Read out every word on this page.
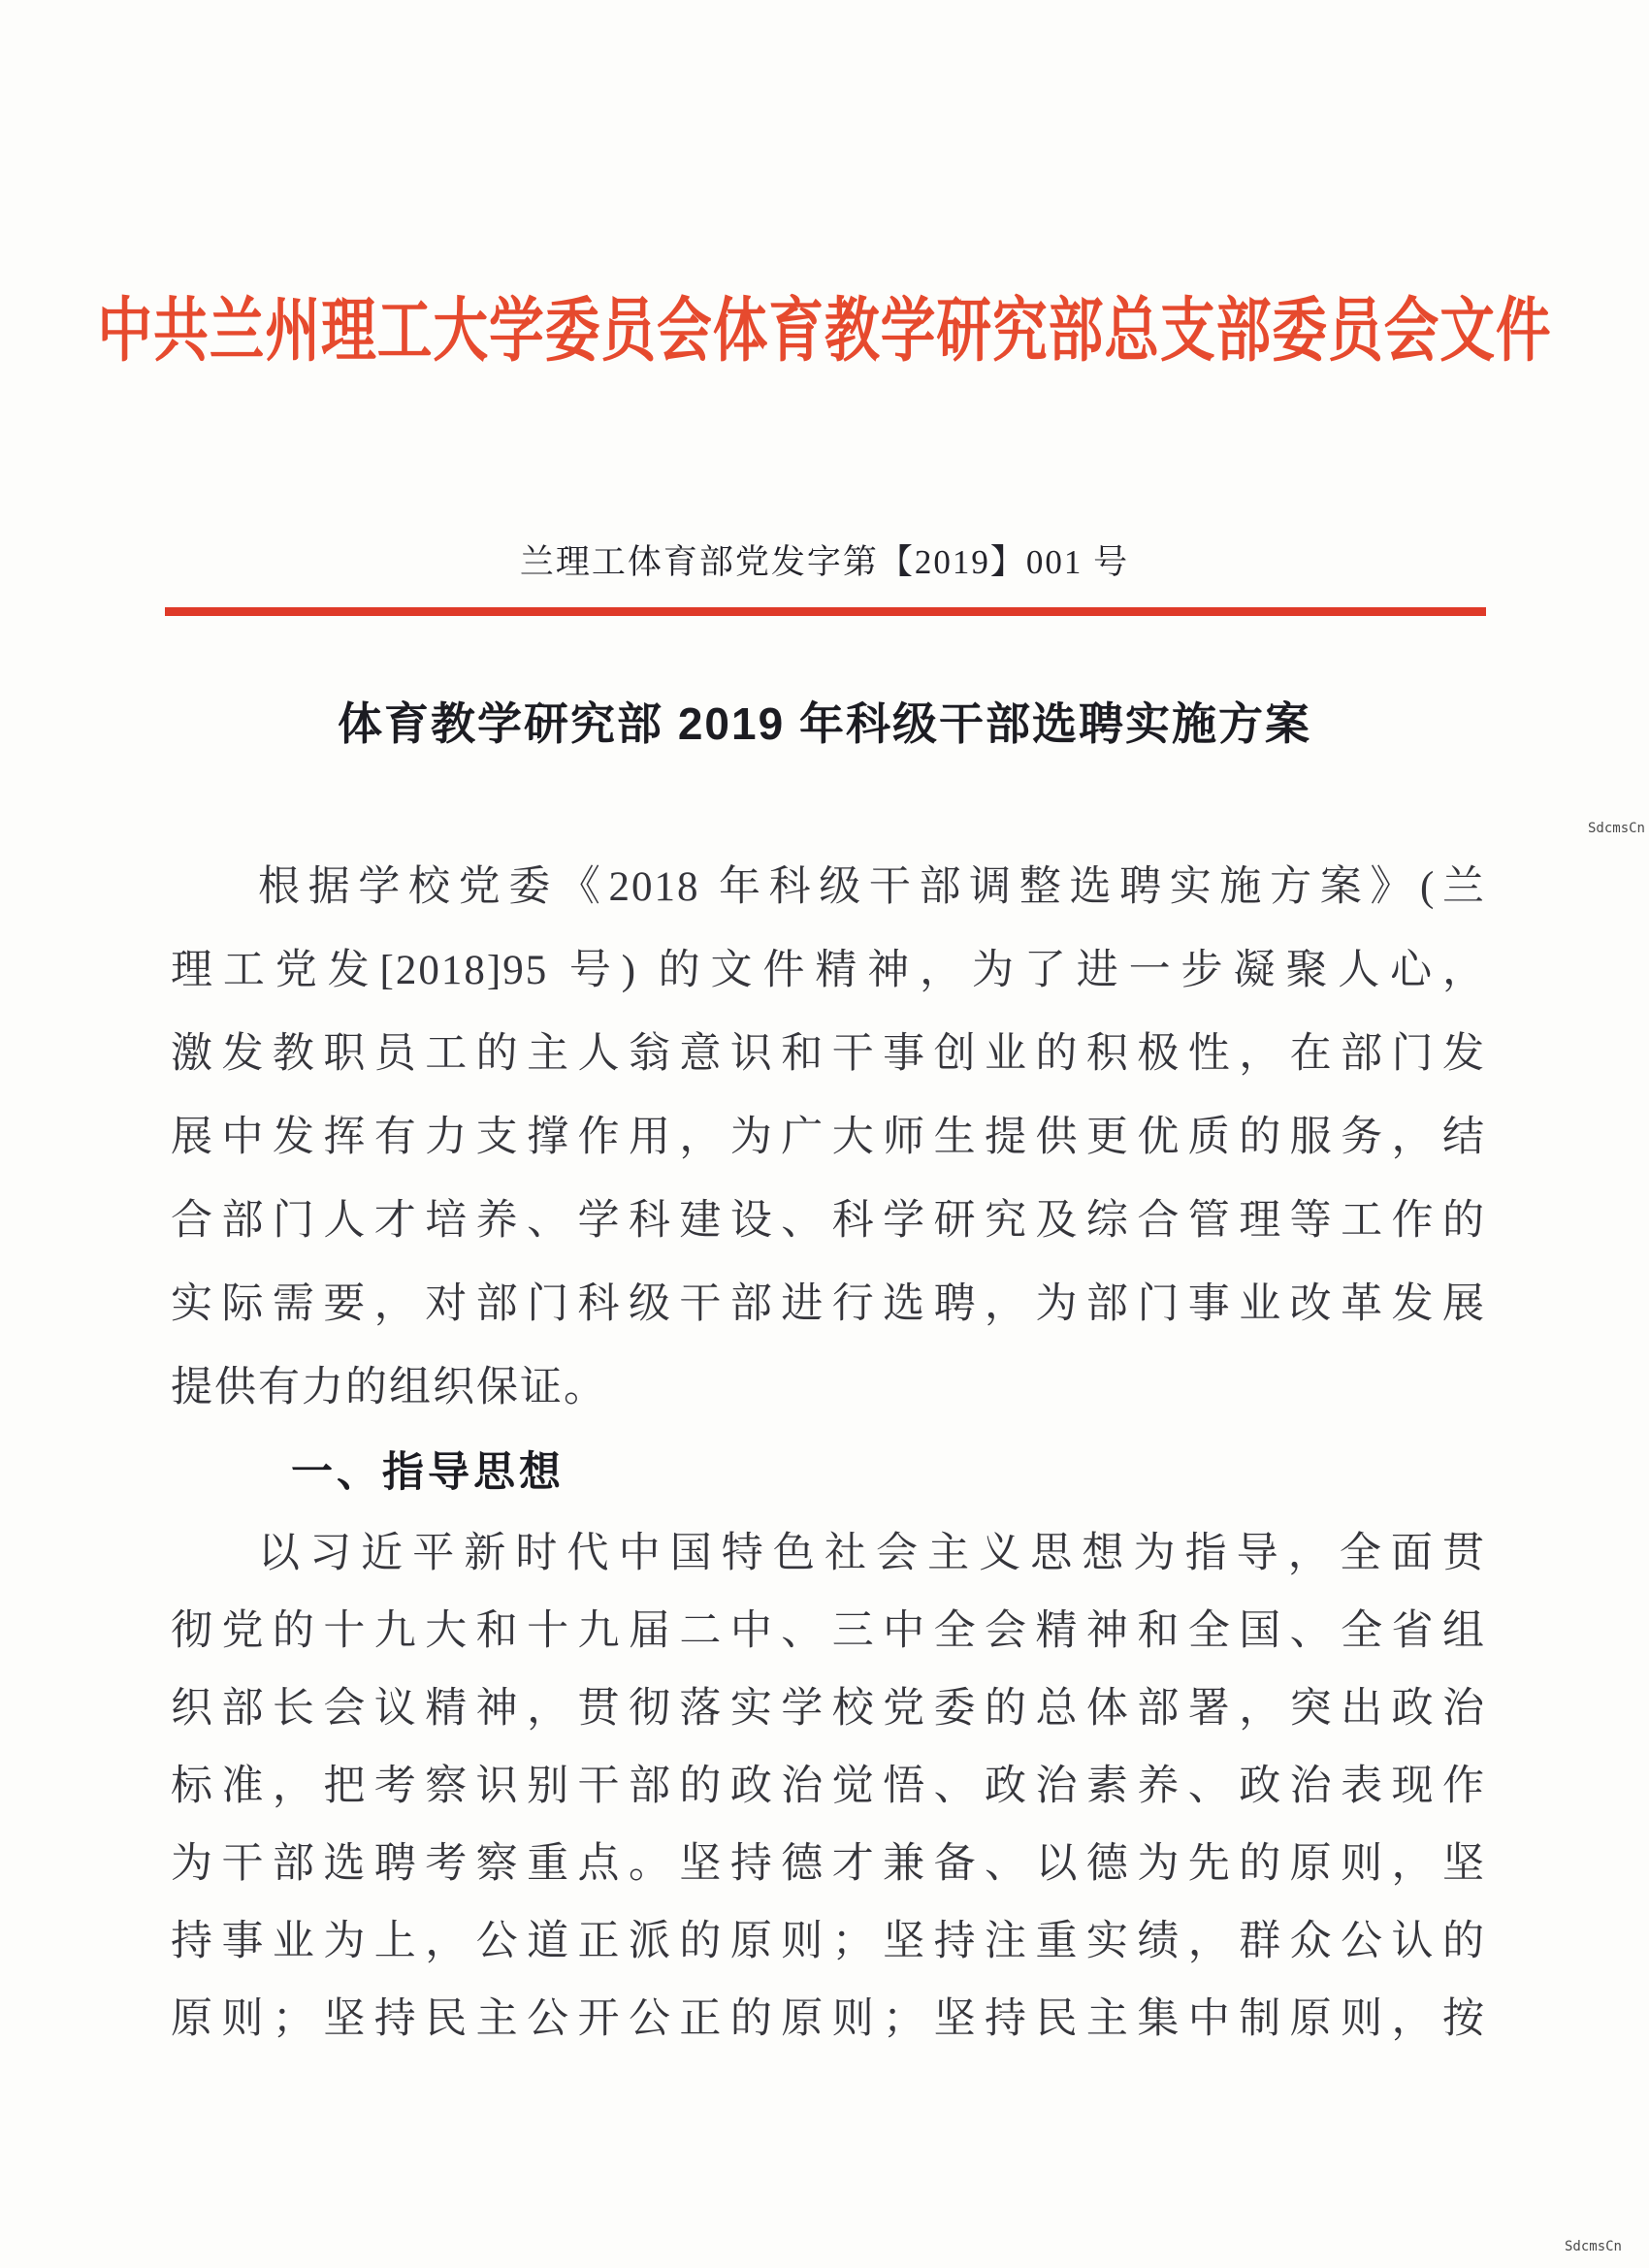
中共兰州理工大学委员会体育教学研究部总支部委员会文件
兰理工体育部党发字第【2019】001 号
体育教学研究部 2019 年科级干部选聘实施方案
根据学校党委《2018 年科级干部调整选聘实施方案》(兰
理工党发[2018]95 号) 的文件精神，为了进一步凝聚人心，
激发教职员工的主人翁意识和干事创业的积极性，在部门发
展中发挥有力支撑作用，为广大师生提供更优质的服务，结
合部门人才培养、学科建设、科学研究及综合管理等工作的
实际需要，对部门科级干部进行选聘，为部门事业改革发展
提供有力的组织保证。
一、指导思想
以习近平新时代中国特色社会主义思想为指导，全面贯
彻党的十九大和十九届二中、三中全会精神和全国、全省组
织部长会议精神，贯彻落实学校党委的总体部署，突出政治
标准，把考察识别干部的政治觉悟、政治素养、政治表现作
为干部选聘考察重点。坚持德才兼备、以德为先的原则，坚
持事业为上，公道正派的原则；坚持注重实绩，群众公认的
原则；坚持民主公开公正的原则；坚持民主集中制原则，按
SdcmsCn
SdcmsCn
